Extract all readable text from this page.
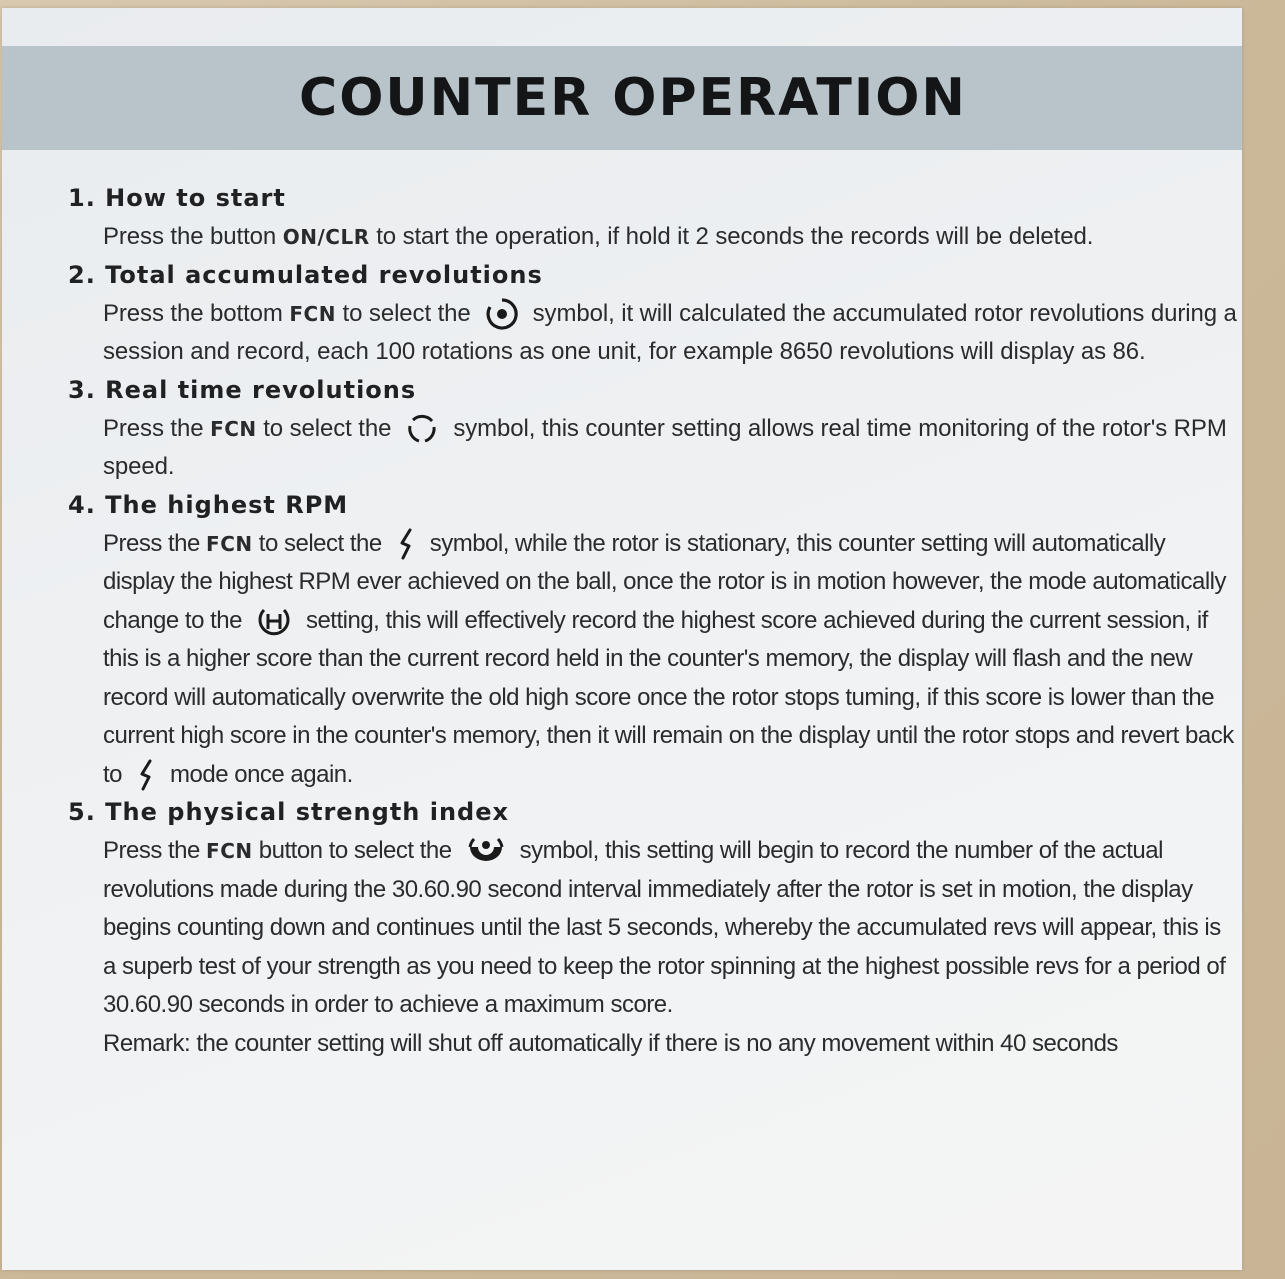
COUNTER OPERATION
1. How to start

Press the button ON/CLR to start the operation, if hold it 2 seconds the records will be deleted.

2. Total accumulated revolutions

Press the bottom FCN to select the	symbol, it will calculated the accumulated rotor revolutions during a session and record, each 100 rotations as one unit, for example 8650 revolutions will display as 86.

3. Real time revolutions

Press the FCN to select the	symbol, this counter setting allows real time monitoring of the rotor's RPM speed.

4. The highest RPM

Press the FCN to select the symbol, while the rotor is stationary, this counter setting will automatically display the highest RPM ever achieved on the ball, once the rotor is in motion however, the mode automatically change to the	setting, this will effectively record the highest score achieved during the current session, if this is a higher score than the current record held in the counter's memory, the display will flash and the new record will automatically overwrite the old high score once the rotor stops tuming, if this score is lower than the current high score in the counter's memory, then it will remain on the display until the rotor stops and revert back to mode once again.

5. The physical strength index

Press the FCN button to select the	symbol, this setting will begin to record the number of the actual revolutions made during the 30.60.90 second interval immediately after the rotor is set in motion, the display begins counting down and continues until the last 5 seconds, whereby the accumulated revs will appear, this is a superb test of your strength as you need to keep the rotor spinning at the highest possible revs for a period of 30.60.90 seconds in order to achieve a maximum score.
Remark: the counter setting will shut off automatically if there is no any movement within 40 seconds
